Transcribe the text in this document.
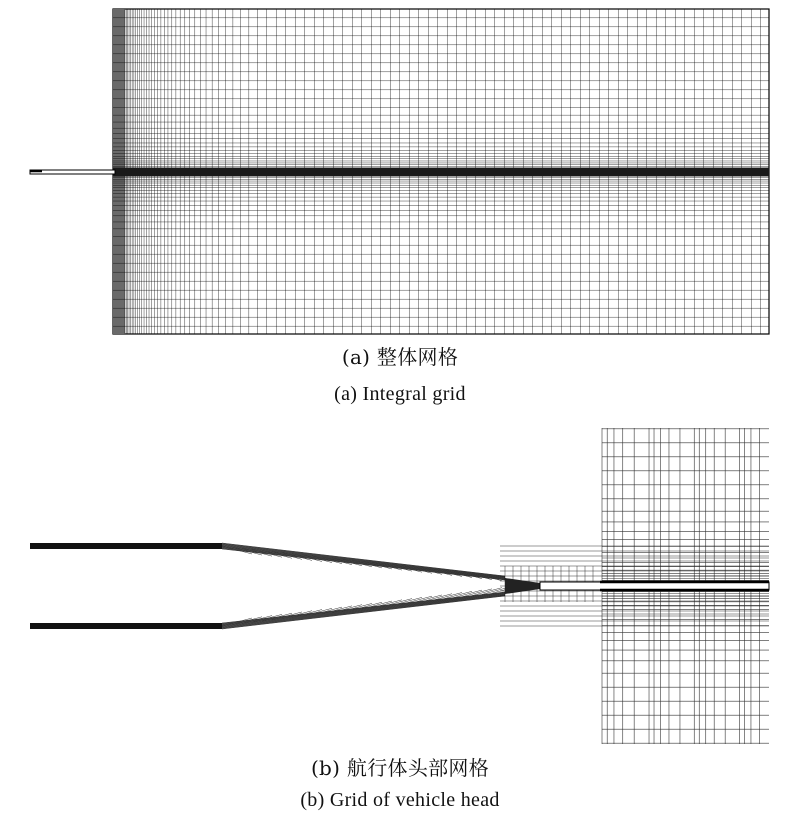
(a) 整体网格
(a) Integral grid
(b) 航行体头部网格
(b) Grid of vehicle head
